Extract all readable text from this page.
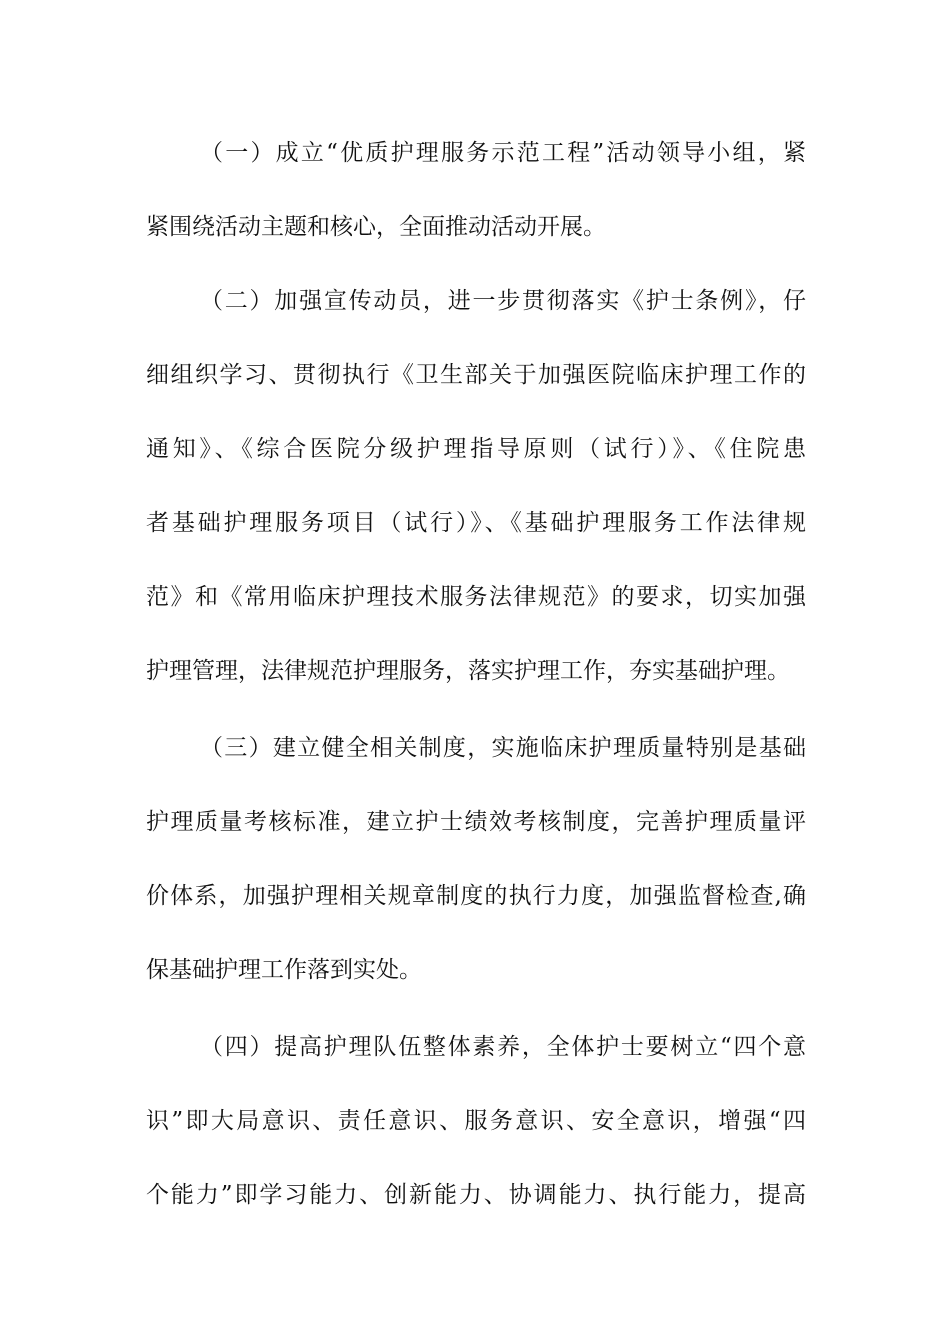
（一）成立“优质护理服务示范工程”活动领导小组，紧
紧围绕活动主题和核心，全面推动活动开展。
（二）加强宣传动员，进一步贯彻落实《护士条例》，仔
细组织学习、贯彻执行《卫生部关于加强医院临床护理工作的
通知》、《综合医院分级护理指导原则（试行）》、《住院患
者基础护理服务项目（试行）》、《基础护理服务工作法律规
范》和《常用临床护理技术服务法律规范》的要求，切实加强
护理管理，法律规范护理服务，落实护理工作，夯实基础护理。
（三）建立健全相关制度，实施临床护理质量特别是基础
护理质量考核标准，建立护士绩效考核制度，完善护理质量评
价体系，加强护理相关规章制度的执行力度，加强监督检查,确
保基础护理工作落到实处。
（四）提高护理队伍整体素养，全体护士要树立“四个意
识”即大局意识、责任意识、服务意识、安全意识，增强“四
个能力”即学习能力、创新能力、协调能力、执行能力，提高
